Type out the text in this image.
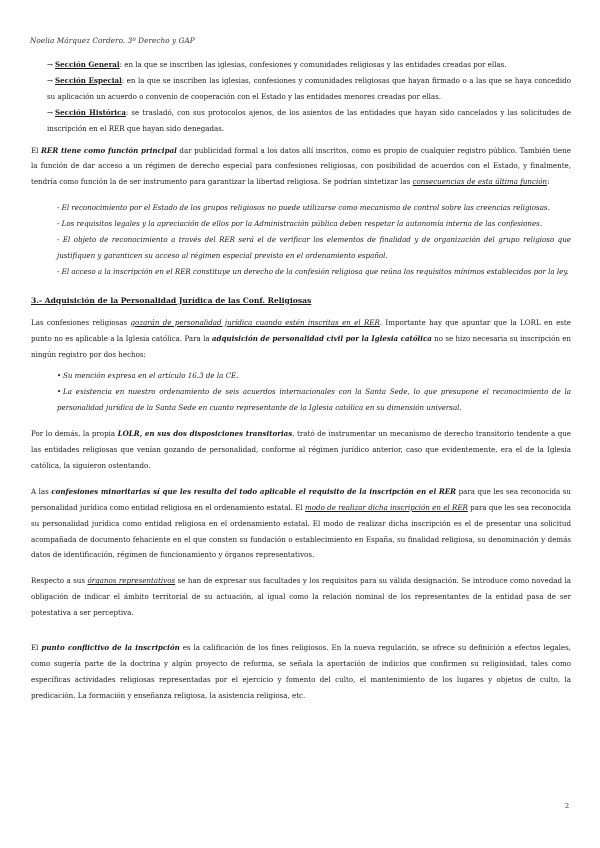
Noelia Márquez Cordero. 3º Derecho y GAP

→ Sección General: en la que se inscriben las iglesias, confesiones y comunidades religiosas y las entidades creadas por ellas.

→ Sección Especial: en la que se inscriben las iglesias, confesiones y comunidades religiosas que hayan firmado o a las que se haya concedido su aplicación un acuerdo o convenio de cooperación con el Estado y las entidades menores creadas por ellas.

→ Sección Histórica: se trasladó, con sus protocolos ajenos, de los asientos de las entidades que hayan sido cancelados y las solicitudes de inscripción en el RER que hayan sido denegadas.

El RER tiene como función principal dar publicidad formal a los datos allí inscritos, como es propio de cualquier registro público. También tiene la función de dar acceso a un régimen de derecho especial para confesiones religiosas, con posibilidad de acuerdos con el Estado, y finalmente, tendría como función la de ser instrumento para garantizar la libertad religiosa. Se podrían sintetizar las consecuencias de esta última función:

- El reconocimiento por el Estado de los grupos religiosos no puede utilizarse como mecanismo de control sobre las creencias religiosas.

- Los requisitos legales y la apreciación de ellos por la Administración pública deben respetar la autonomía interna de las confesiones.

- El objeto de reconocimiento a través del RER será el de verificar los elementos de finalidad y de organización del grupo religioso que justifiquen y garanticen su acceso al régimen especial previsto en el ordenamiento español.

- El acceso a la inscripción en el RER constituye un derecho de la confesión religiosa que reúna los requisitos mínimos establecidos por la ley.

3.- Adquisición de la Personalidad Jurídica de las Conf. Religiosas

Las confesiones religiosas gozarán de personalidad jurídica cuando estén inscritas en el RER. Importante hay que apuntar que la LORL en este punto no es aplicable a la Iglesia católica. Para la adquisición de personalidad civil por la Iglesia católica no se hizo necesaria su inscripción en ningún registro por dos hechos:

• Su mención expresa en el artículo 16.3 de la CE.

• La existencia en nuestro ordenamiento de seis acuerdos internacionales con la Santa Sede, lo que presupone el reconocimiento de la personalidad jurídica de la Santa Sede en cuanto representante de la Iglesia católica en su dimensión universal.

Por lo demás, la propia LOLR, en sus dos disposiciones transitorias, trató de instrumentar un mecanismo de derecho transitorio tendente a que las entidades religiosas que venían gozando de personalidad, conforme al régimen jurídico anterior, caso que evidentemente, era el de la Iglesia católica, la siguieron ostentando.

A las confesiones minoritarias sí que les resulta del todo aplicable el requisito de la inscripción en el RER para que les sea reconocida su personalidad jurídica como entidad religiosa en el ordenamiento estatal. El modo de realizar dicha inscripción en el RER para que les sea reconocida su personalidad jurídica como entidad religiosa en el ordenamiento estatal. El modo de realizar dicha inscripción es el de presentar una solicitud acompañada de documento fehaciente en el que consten su fundación o establecimiento en España, su finalidad religiosa, su denominación y demás datos de identificación, régimen de funcionamiento y órganos representativos.

Respecto a sus órganos representativos se han de expresar sus facultades y los requisitos para su válida designación. Se introduce como novedad la obligación de indicar el ámbito territorial de su actuación, al igual como la relación nominal de los representantes de la entidad pasa de ser potestativa a ser perceptiva.

El punto conflictivo de la inscripción es la calificación de los fines religiosos. En la nueva regulación, se ofrece su definición a efectos legales, como sugería parte de la doctrina y algún proyecto de reforma, se señala la aportación de indicios que confirmen su religiosidad, tales como específicas actividades religiosas representadas por el ejercicio y fomento del culto, el mantenimiento de los lugares y objetos de culto, la predicación. La formación y enseñanza religiosa, la asistencia religiosa, etc.

2
